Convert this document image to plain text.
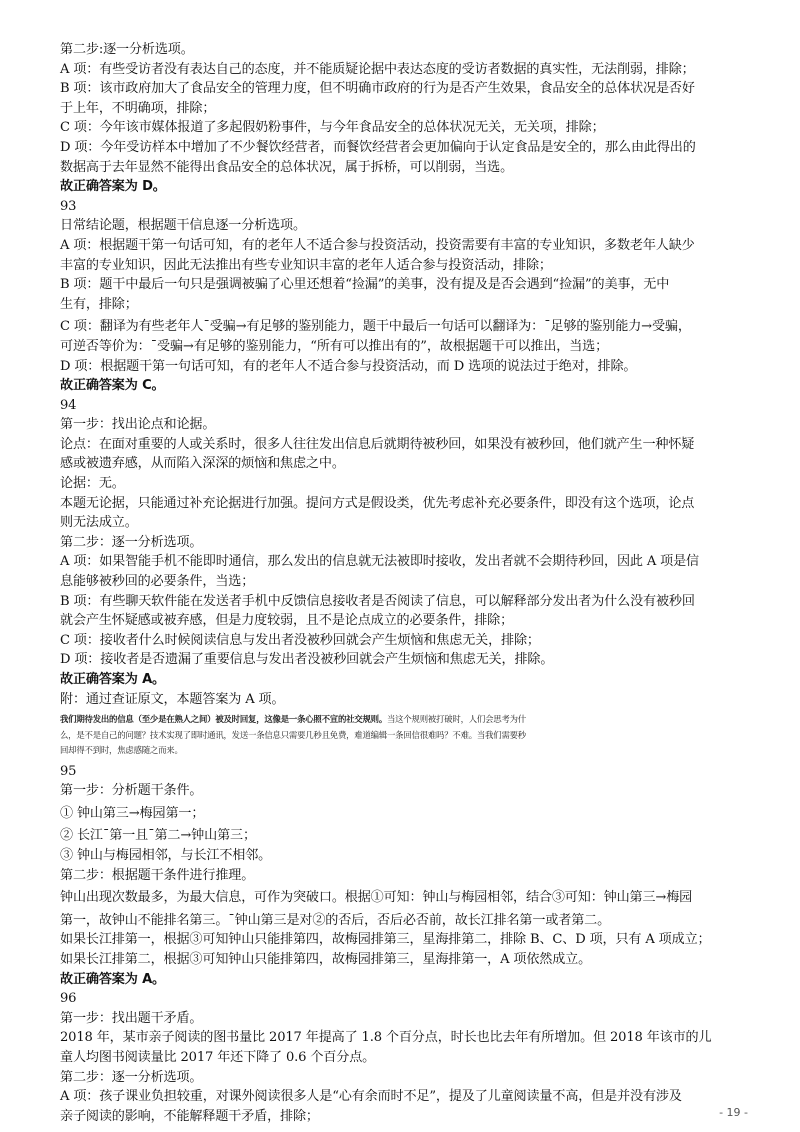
第二步:逐一分析选项。

A 项：有些受访者没有表达自己的态度，并不能质疑论据中表达态度的受访者数据的真实性，无法削弱，排除；

B 项：该市政府加大了食品安全的管理力度，但不明确市政府的行为是否产生效果，食品安全的总体状况是否好

于上年，不明确项，排除；

C 项：今年该市媒体报道了多起假奶粉事件，与今年食品安全的总体状况无关，无关项，排除；

D 项：今年受访样本中增加了不少餐饮经营者，而餐饮经营者会更加偏向于认定食品是安全的，那么由此得出的

数据高于去年显然不能得出食品安全的总体状况，属于拆桥，可以削弱，当选。

故正确答案为 D。

93

日常结论题，根据题干信息逐一分析选项。

A 项：根据题干第一句话可知，有的老年人不适合参与投资活动，投资需要有丰富的专业知识，多数老年人缺少

丰富的专业知识，因此无法推出有些专业知识丰富的老年人适合参与投资活动，排除；

B 项：题干中最后一句只是强调被骗了心里还想着“捡漏”的美事，没有提及是否会遇到“捡漏”的美事，无中

生有，排除；

C 项：翻译为有些老年人¯受骗→有足够的鉴别能力，题干中最后一句话可以翻译为：¯足够的鉴别能力→受骗，

可逆否等价为：¯受骗→有足够的鉴别能力，“所有可以推出有的”，故根据题干可以推出，当选；

D 项：根据题干第一句话可知，有的老年人不适合参与投资活动，而 D 选项的说法过于绝对，排除。

故正确答案为 C。

94

第一步：找出论点和论据。

论点：在面对重要的人或关系时，很多人往往发出信息后就期待被秒回，如果没有被秒回，他们就产生一种怀疑

感或被遗弃感，从而陷入深深的烦恼和焦虑之中。

论据：无。

本题无论据，只能通过补充论据进行加强。提问方式是假设类，优先考虑补充必要条件，即没有这个选项，论点

则无法成立。

第二步：逐一分析选项。

A 项：如果智能手机不能即时通信，那么发出的信息就无法被即时接收，发出者就不会期待秒回，因此 A 项是信

息能够被秒回的必要条件，当选；

B 项：有些聊天软件能在发送者手机中反馈信息接收者是否阅读了信息，可以解释部分发出者为什么没有被秒回

就会产生怀疑感或被弃感，但是力度较弱，且不是论点成立的必要条件，排除；

C 项：接收者什么时候阅读信息与发出者没被秒回就会产生烦恼和焦虑无关，排除；

D 项：接收者是否遗漏了重要信息与发出者没被秒回就会产生烦恼和焦虑无关，排除。

故正确答案为 A。

附：通过查证原文，本题答案为 A 项。

我们期待发出的信息（至少是在熟人之间）被及时回复，这像是一条心照不宣的社交规则。当这个规则被打破时，人们会思考为什
么，是不是自己的问题？技术实现了即时通讯，发送一条信息只需要几秒且免费，难道编辑一条回信很难吗？不难。当我们需要秒
回却得不到时，焦虑感随之而来。

95

第一步：分析题干条件。

① 钟山第三→梅园第一；

② 长江¯第一且¯第二→钟山第三；

③ 钟山与梅园相邻，与长江不相邻。

第二步：根据题干条件进行推理。

钟山出现次数最多，为最大信息，可作为突破口。根据①可知：钟山与梅园相邻，结合③可知：钟山第三→梅园

第一，故钟山不能排名第三。¯钟山第三是对②的否后，否后必否前，故长江排名第一或者第二。

如果长江排第一，根据③可知钟山只能排第四，故梅园排第三，星海排第二，排除 B、C、D 项，只有 A 项成立；

如果长江排第二，根据③可知钟山只能排第四，故梅园排第三，星海排第一，A 项依然成立。

故正确答案为 A。

96

第一步：找出题干矛盾。

2018 年，某市亲子阅读的图书量比 2017 年提高了 1.8 个百分点，时长也比去年有所增加。但 2018 年该市的儿

童人均图书阅读量比 2017 年还下降了 0.6 个百分点。

第二步：逐一分析选项。

A 项：孩子课业负担较重，对课外阅读很多人是“心有余而时不足”，提及了儿童阅读量不高，但是并没有涉及

亲子阅读的影响，不能解释题干矛盾，排除；	- 19 -
